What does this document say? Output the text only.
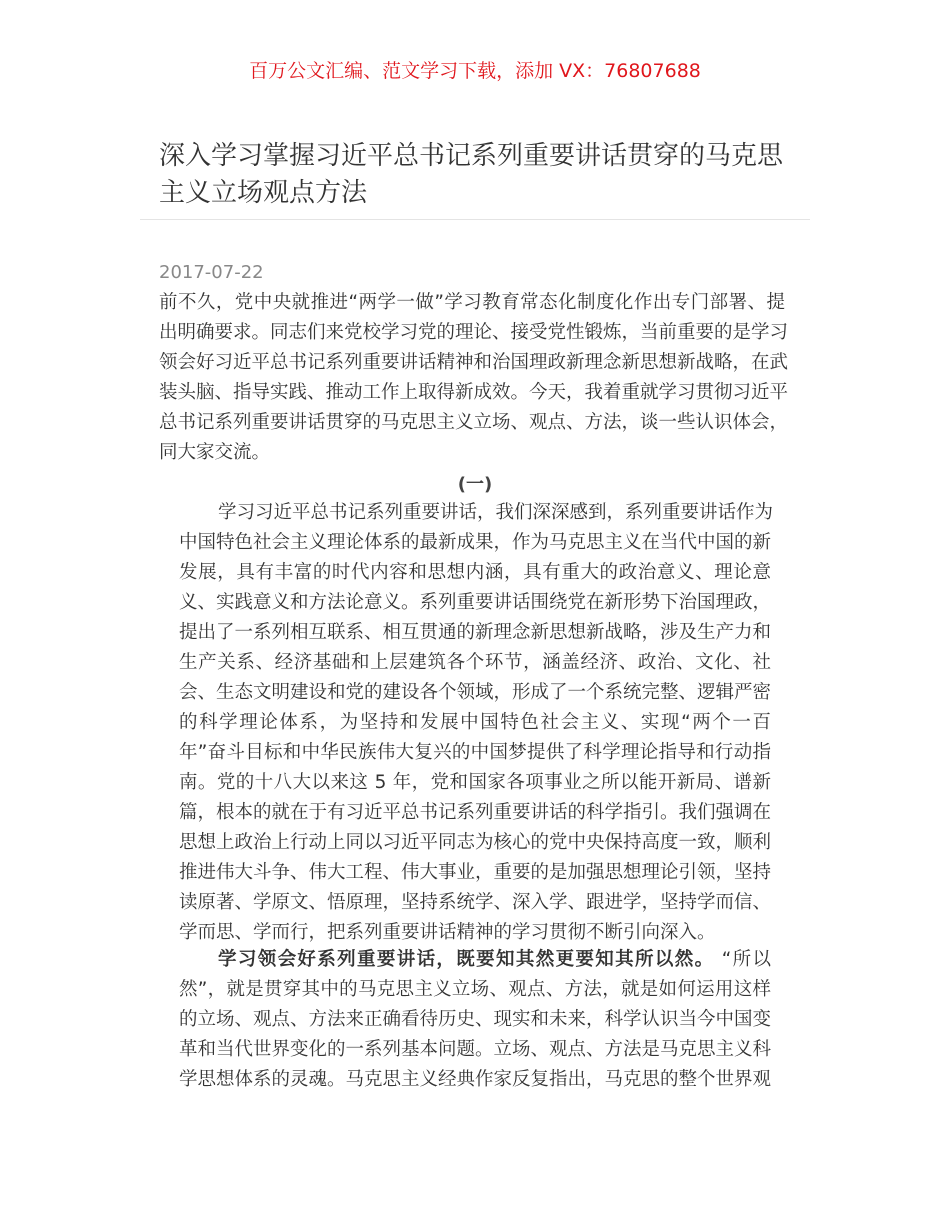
百万公文汇编、范文学习下载，添加 VX：76807688
深入学习掌握习近平总书记系列重要讲话贯穿的马克思主义立场观点方法
2017-07-22
前不久，党中央就推进“两学一做”学习教育常态化制度化作出专门部署、提
出明确要求。同志们来党校学习党的理论、接受党性锻炼，当前重要的是学习
领会好习近平总书记系列重要讲话精神和治国理政新理念新思想新战略，在武
装头脑、指导实践、推动工作上取得新成效。今天，我着重就学习贯彻习近平
总书记系列重要讲话贯穿的马克思主义立场、观点、方法，谈一些认识体会，
同大家交流。
(一)
学习习近平总书记系列重要讲话，我们深深感到，系列重要讲话作为
中国特色社会主义理论体系的最新成果，作为马克思主义在当代中国的新
发展，具有丰富的时代内容和思想内涵，具有重大的政治意义、理论意
义、实践意义和方法论意义。系列重要讲话围绕党在新形势下治国理政，
提出了一系列相互联系、相互贯通的新理念新思想新战略，涉及生产力和
生产关系、经济基础和上层建筑各个环节，涵盖经济、政治、文化、社
会、生态文明建设和党的建设各个领域，形成了一个系统完整、逻辑严密
的科学理论体系，为坚持和发展中国特色社会主义、实现“两个一百
年”奋斗目标和中华民族伟大复兴的中国梦提供了科学理论指导和行动指
南。党的十八大以来这 5 年，党和国家各项事业之所以能开新局、谱新
篇，根本的就在于有习近平总书记系列重要讲话的科学指引。我们强调在
思想上政治上行动上同以习近平同志为核心的党中央保持高度一致，顺利
推进伟大斗争、伟大工程、伟大事业，重要的是加强思想理论引领，坚持
读原著、学原文、悟原理，坚持系统学、深入学、跟进学，坚持学而信、
学而思、学而行，把系列重要讲话精神的学习贯彻不断引向深入。
学习领会好系列重要讲话，既要知其然更要知其所以然。 “所以
然”，就是贯穿其中的马克思主义立场、观点、方法，就是如何运用这样
的立场、观点、方法来正确看待历史、现实和未来，科学认识当今中国变
革和当代世界变化的一系列基本问题。立场、观点、方法是马克思主义科
学思想体系的灵魂。马克思主义经典作家反复指出，马克思的整个世界观
